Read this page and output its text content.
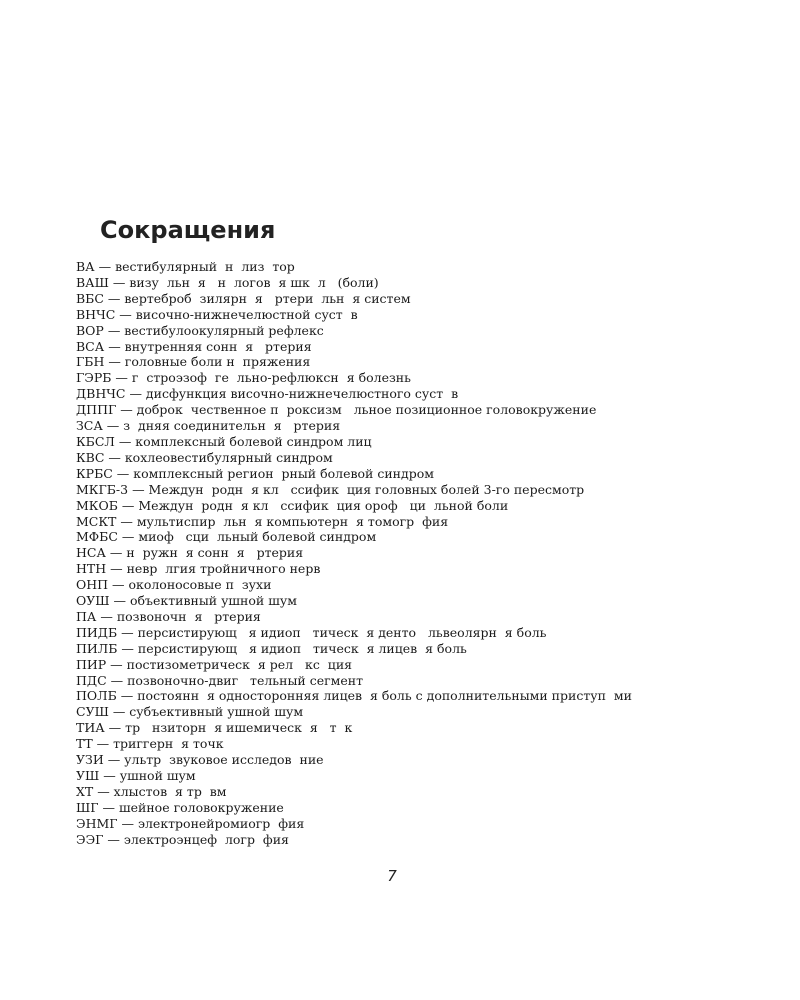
Сокращения
ВА — вестибулярный  н  лиз  тор
ВАШ — визу  льн  я   н  логов  я шк  л   (боли)
ВБС — вертеброб  зилярн  я   ртери  льн  я систем
ВНЧС — височно-нижнечелюстной суст  в
ВОР — вестибулоокулярный рефлекс
ВСА — внутренняя сонн  я   ртерия
ГБН — головные боли н  пряжения
ГЭРБ — г  строэзоф  ге  льно-рефлюксн  я болезнь
ДВНЧС — дисфункция височно-нижнечелюстного суст  в
ДППГ — доброк  чественное п  роксизм   льное позиционное головокружение
ЗСА — з  дняя соединительн  я   ртерия
КБСЛ — комплексный болевой синдром лиц
КВС — кохлеовестибулярный синдром
КРБС — комплексный регион  рный болевой синдром
МКГБ-3 — Междун  родн  я кл   ссифик  ция головных болей 3-го пересмотр
МКОБ — Междун  родн  я кл   ссифик  ция ороф   ци  льной боли
МСКТ — мультиспир  льн  я компьютерн  я томогр  фия
МФБС — миоф   сци  льный болевой синдром
НСА — н  ружн  я сонн  я   ртерия
НТН — невр  лгия тройничного нерв
ОНП — околоносовые п  зухи
ОУШ — объективный ушной шум
ПА — позвоночн  я   ртерия
ПИДБ — персистирующ   я идиоп   тическ  я денто   львеолярн  я боль
ПИЛБ — персистирующ   я идиоп   тическ  я лицев  я боль
ПИР — постизометрическ  я рел   кс  ция
ПДС — позвоночно-двиг   тельный сегмент
ПОЛБ — постоянн  я односторонняя лицев  я боль с дополнительными приступ  ми
СУШ — субъективный ушной шум
ТИА — тр   нзиторн  я ишемическ  я   т  к
ТТ — триггерн  я точк
УЗИ — ультр  звуковое исследов  ние
УШ — ушной шум
ХТ — хлыстов  я тр  вм
ШГ — шейное головокружение
ЭНМГ — электронейромиогр  фия
ЭЭГ — электроэнцеф  логр  фия
7
